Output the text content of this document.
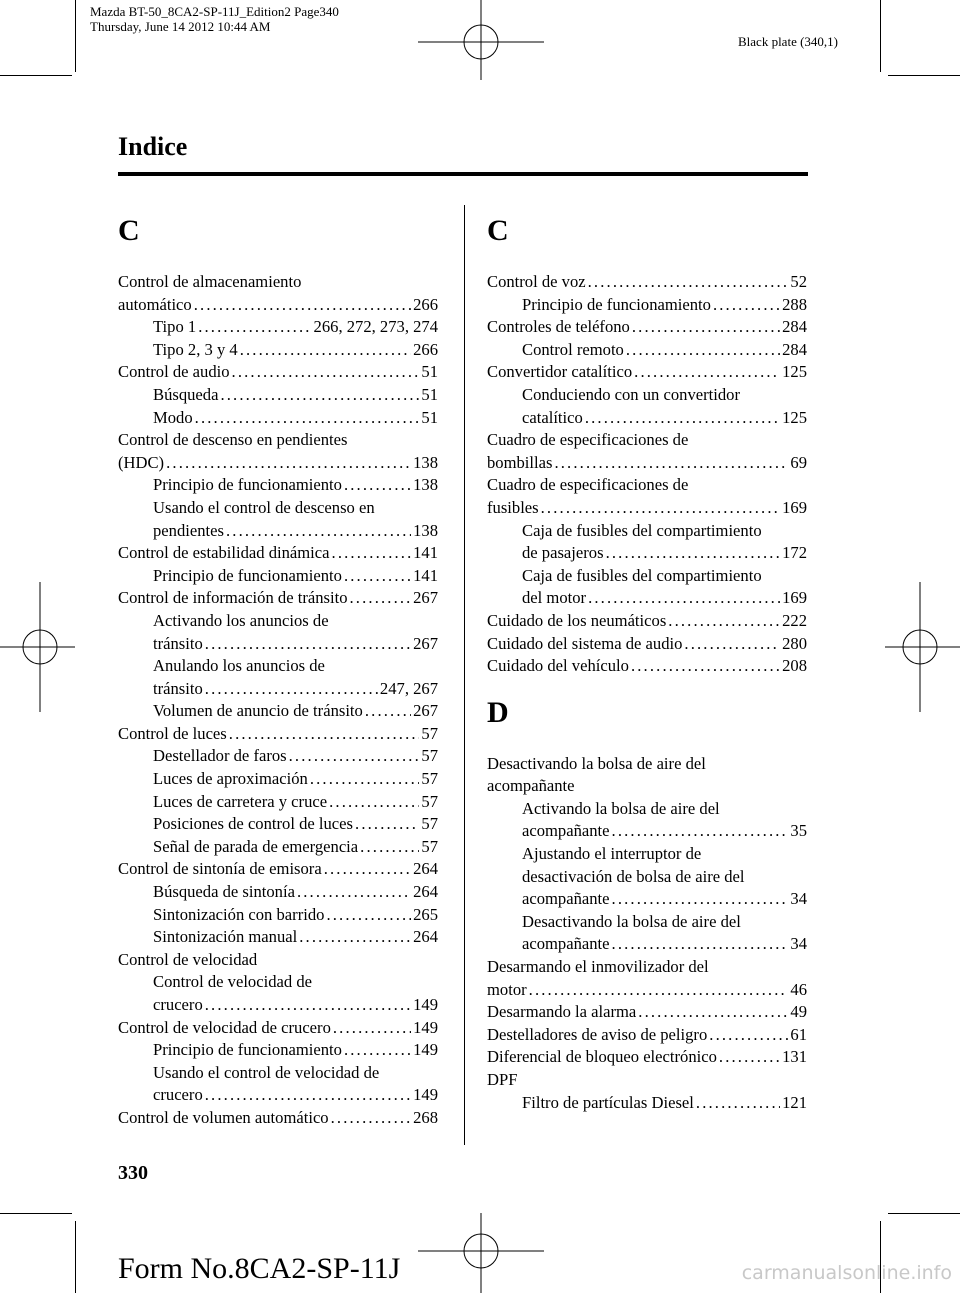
Mazda BT-50_8CA2-SP-11J_Edition2 Page340
Thursday, June 14 2012 10:44 AM
Black plate (340,1)
Indice
C
Control de almacenamiento
automático . . .	266
Tipo 1 . . .	266, 272, 273, 274
Tipo 2, 3 y 4 . . .	266
Control de audio . . .	51
Búsqueda . . .	51
Modo . . .	51
Control de descenso en pendientes
(HDC) . . .	138
Principio de funcionamiento . . .	138
Usando el control de descenso en
pendientes . . .	138
Control de estabilidad dinámica . . .	141
Principio de funcionamiento . . .	141
Control de información de tránsito . . .	267
Activando los anuncios de
tránsito . . .	267
Anulando los anuncios de
tránsito . . .	247, 267
Volumen de anuncio de tránsito . . .	267
Control de luces . . .	57
Destellador de faros . . .	57
Luces de aproximación . . .	57
Luces de carretera y cruce . . .	57
Posiciones de control de luces . . .	57
Señal de parada de emergencia . . .	57
Control de sintonía de emisora . . .	264
Búsqueda de sintonía . . .	264
Sintonización con barrido . . .	265
Sintonización manual . . .	264
Control de velocidad
Control de velocidad de
crucero . . .	149
Control de velocidad de crucero . . .	149
Principio de funcionamiento . . .	149
Usando el control de velocidad de
crucero . . .	149
Control de volumen automático . . .	268
C
Control de voz . . .	52
Principio de funcionamiento . . .	288
Controles de teléfono . . .	284
Control remoto . . .	284
Convertidor catalítico . . .	125
Conduciendo con un convertidor
catalítico . . .	125
Cuadro de especificaciones de
bombillas . . .	69
Cuadro de especificaciones de
fusibles . . .	169
Caja de fusibles del compartimiento
de pasajeros . . .	172
Caja de fusibles del compartimiento
del motor . . .	169
Cuidado de los neumáticos . . .	222
Cuidado del sistema de audio . . .	280
Cuidado del vehículo . . .	208
D
Desactivando la bolsa de aire del
acompañante
Activando la bolsa de aire del
acompañante . . .	35
Ajustando el interruptor de
desactivación de bolsa de aire del
acompañante . . .	34
Desactivando la bolsa de aire del
acompañante . . .	34
Desarmando el inmovilizador del
motor . . .	46
Desarmando la alarma . . .	49
Destelladores de aviso de peligro . . .	61
Diferencial de bloqueo electrónico . . .	131
DPF
Filtro de partículas Diesel . . .	121
330
Form No.8CA2-SP-11J	carmanualsonline.info
